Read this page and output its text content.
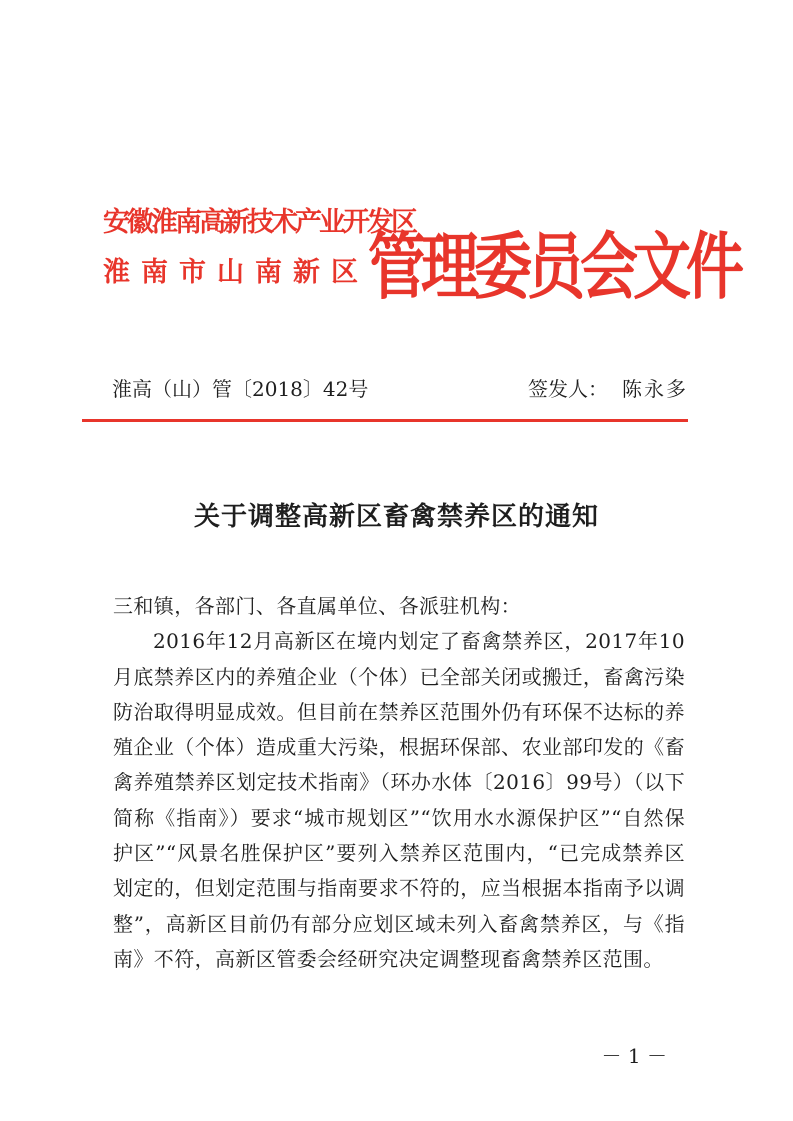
安徽淮南高新技术产业开发区
淮 南 市 山 南 新 区 管理委员会文件
淮高（山）管〔2018〕42号	签发人： 陈永多
关于调整高新区畜禽禁养区的通知

三和镇，各部门、各直属单位、各派驻机构：

2016年12月高新区在境内划定了畜禽禁养区，2017年10月底禁养区内的养殖企业（个体）已全部关闭或搬迁，畜禽污染防治取得明显成效。但目前在禁养区范围外仍有环保不达标的养殖企业（个体）造成重大污染，根据环保部、农业部印发的《畜禽养殖禁养区划定技术指南》（环办水体〔2016〕99号）（以下简称《指南》）要求“城市规划区”“饮用水水源保护区”“自然保护区”“风景名胜保护区”要列入禁养区范围内，“已完成禁养区划定的，但划定范围与指南要求不符的，应当根据本指南予以调整”，高新区目前仍有部分应划区域未列入畜禽禁养区，与《指南》不符，高新区管委会经研究决定调整现畜禽禁养区范围。

－ 1 －
